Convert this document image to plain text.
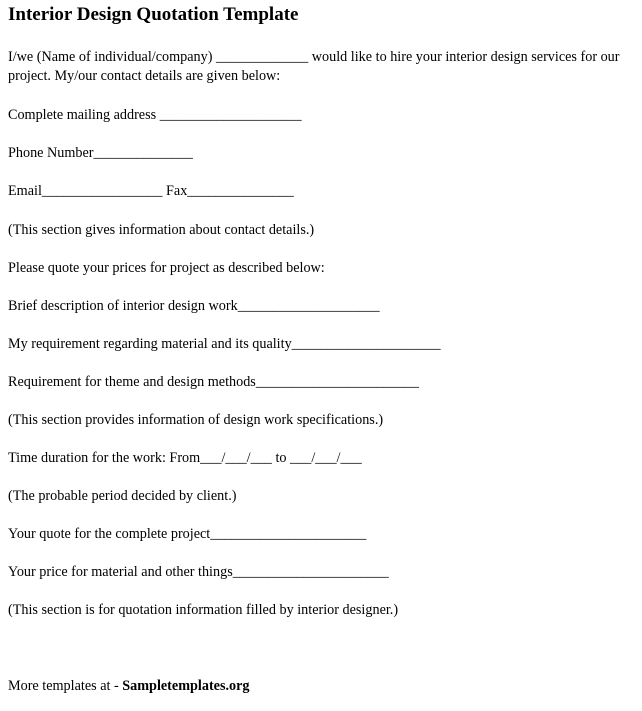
Interior Design Quotation Template
I/we (Name of individual/company) _____________ would like to hire your interior design services for our project. My/our contact details are given below:
Complete mailing address ____________________
Phone Number______________
Email_________________ Fax_______________
(This section gives information about contact details.)
Please quote your prices for project as described below:
Brief description of interior design work____________________
My requirement regarding material and its quality_____________________
Requirement for theme and design methods_______________________
(This section provides information of design work specifications.)
Time duration for the work: From___/___/___ to ___/___/___
(The probable period decided by client.)
Your quote for the complete project______________________
Your price for material and other things______________________
(This section is for quotation information filled by interior designer.)
More templates at - Sampletemplates.org
